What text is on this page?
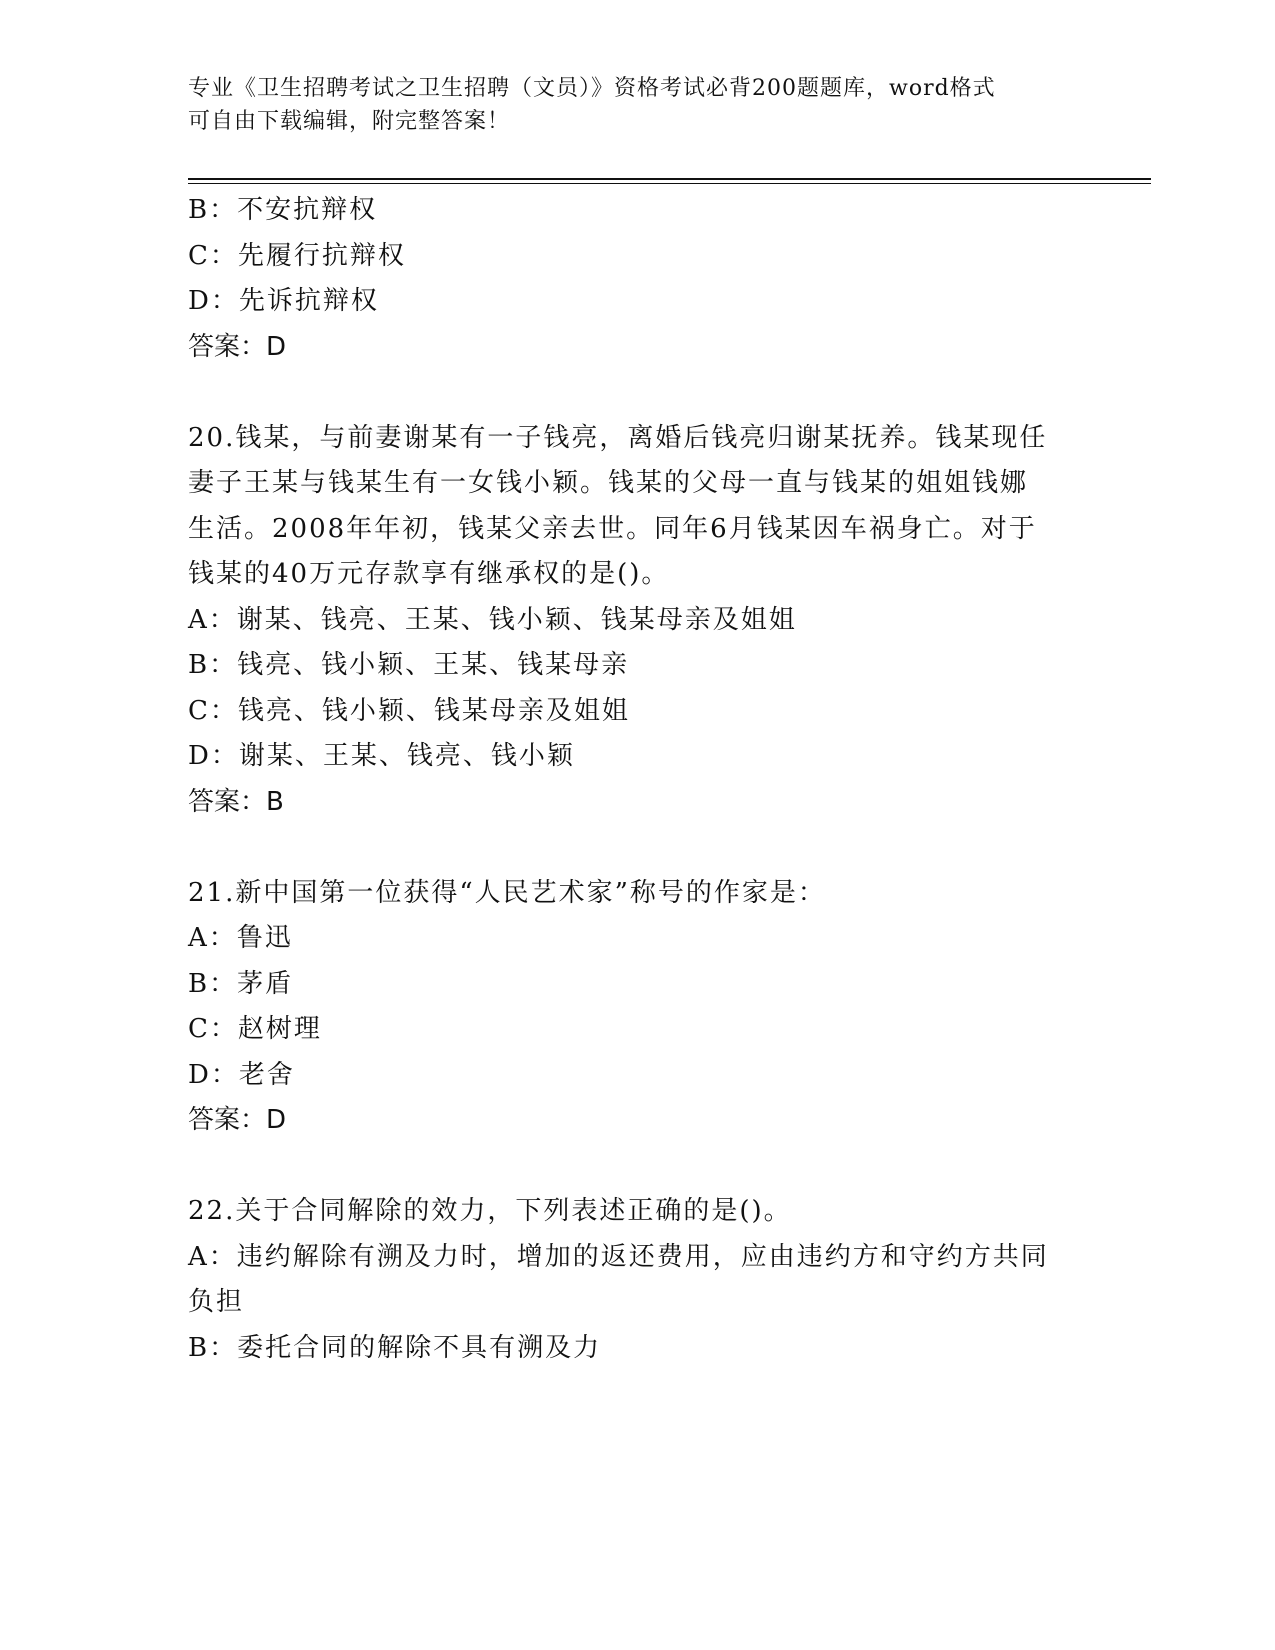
专业《卫生招聘考试之卫生招聘（文员）》资格考试必背200题题库，word格式
可自由下载编辑，附完整答案！
B：不安抗辩权
C：先履行抗辩权
D：先诉抗辩权
答案：D
20.钱某，与前妻谢某有一子钱亮，离婚后钱亮归谢某抚养。钱某现任
妻子王某与钱某生有一女钱小颖。钱某的父母一直与钱某的姐姐钱娜
生活。2008年年初，钱某父亲去世。同年6月钱某因车祸身亡。对于
钱某的40万元存款享有继承权的是()。
A：谢某、钱亮、王某、钱小颖、钱某母亲及姐姐
B：钱亮、钱小颖、王某、钱某母亲
C：钱亮、钱小颖、钱某母亲及姐姐
D：谢某、王某、钱亮、钱小颖
答案：B
21.新中国第一位获得“人民艺术家”称号的作家是：
A：鲁迅
B：茅盾
C：赵树理
D：老舍
答案：D
22.关于合同解除的效力，下列表述正确的是()。
A：违约解除有溯及力时，增加的返还费用，应由违约方和守约方共同
负担
B：委托合同的解除不具有溯及力
